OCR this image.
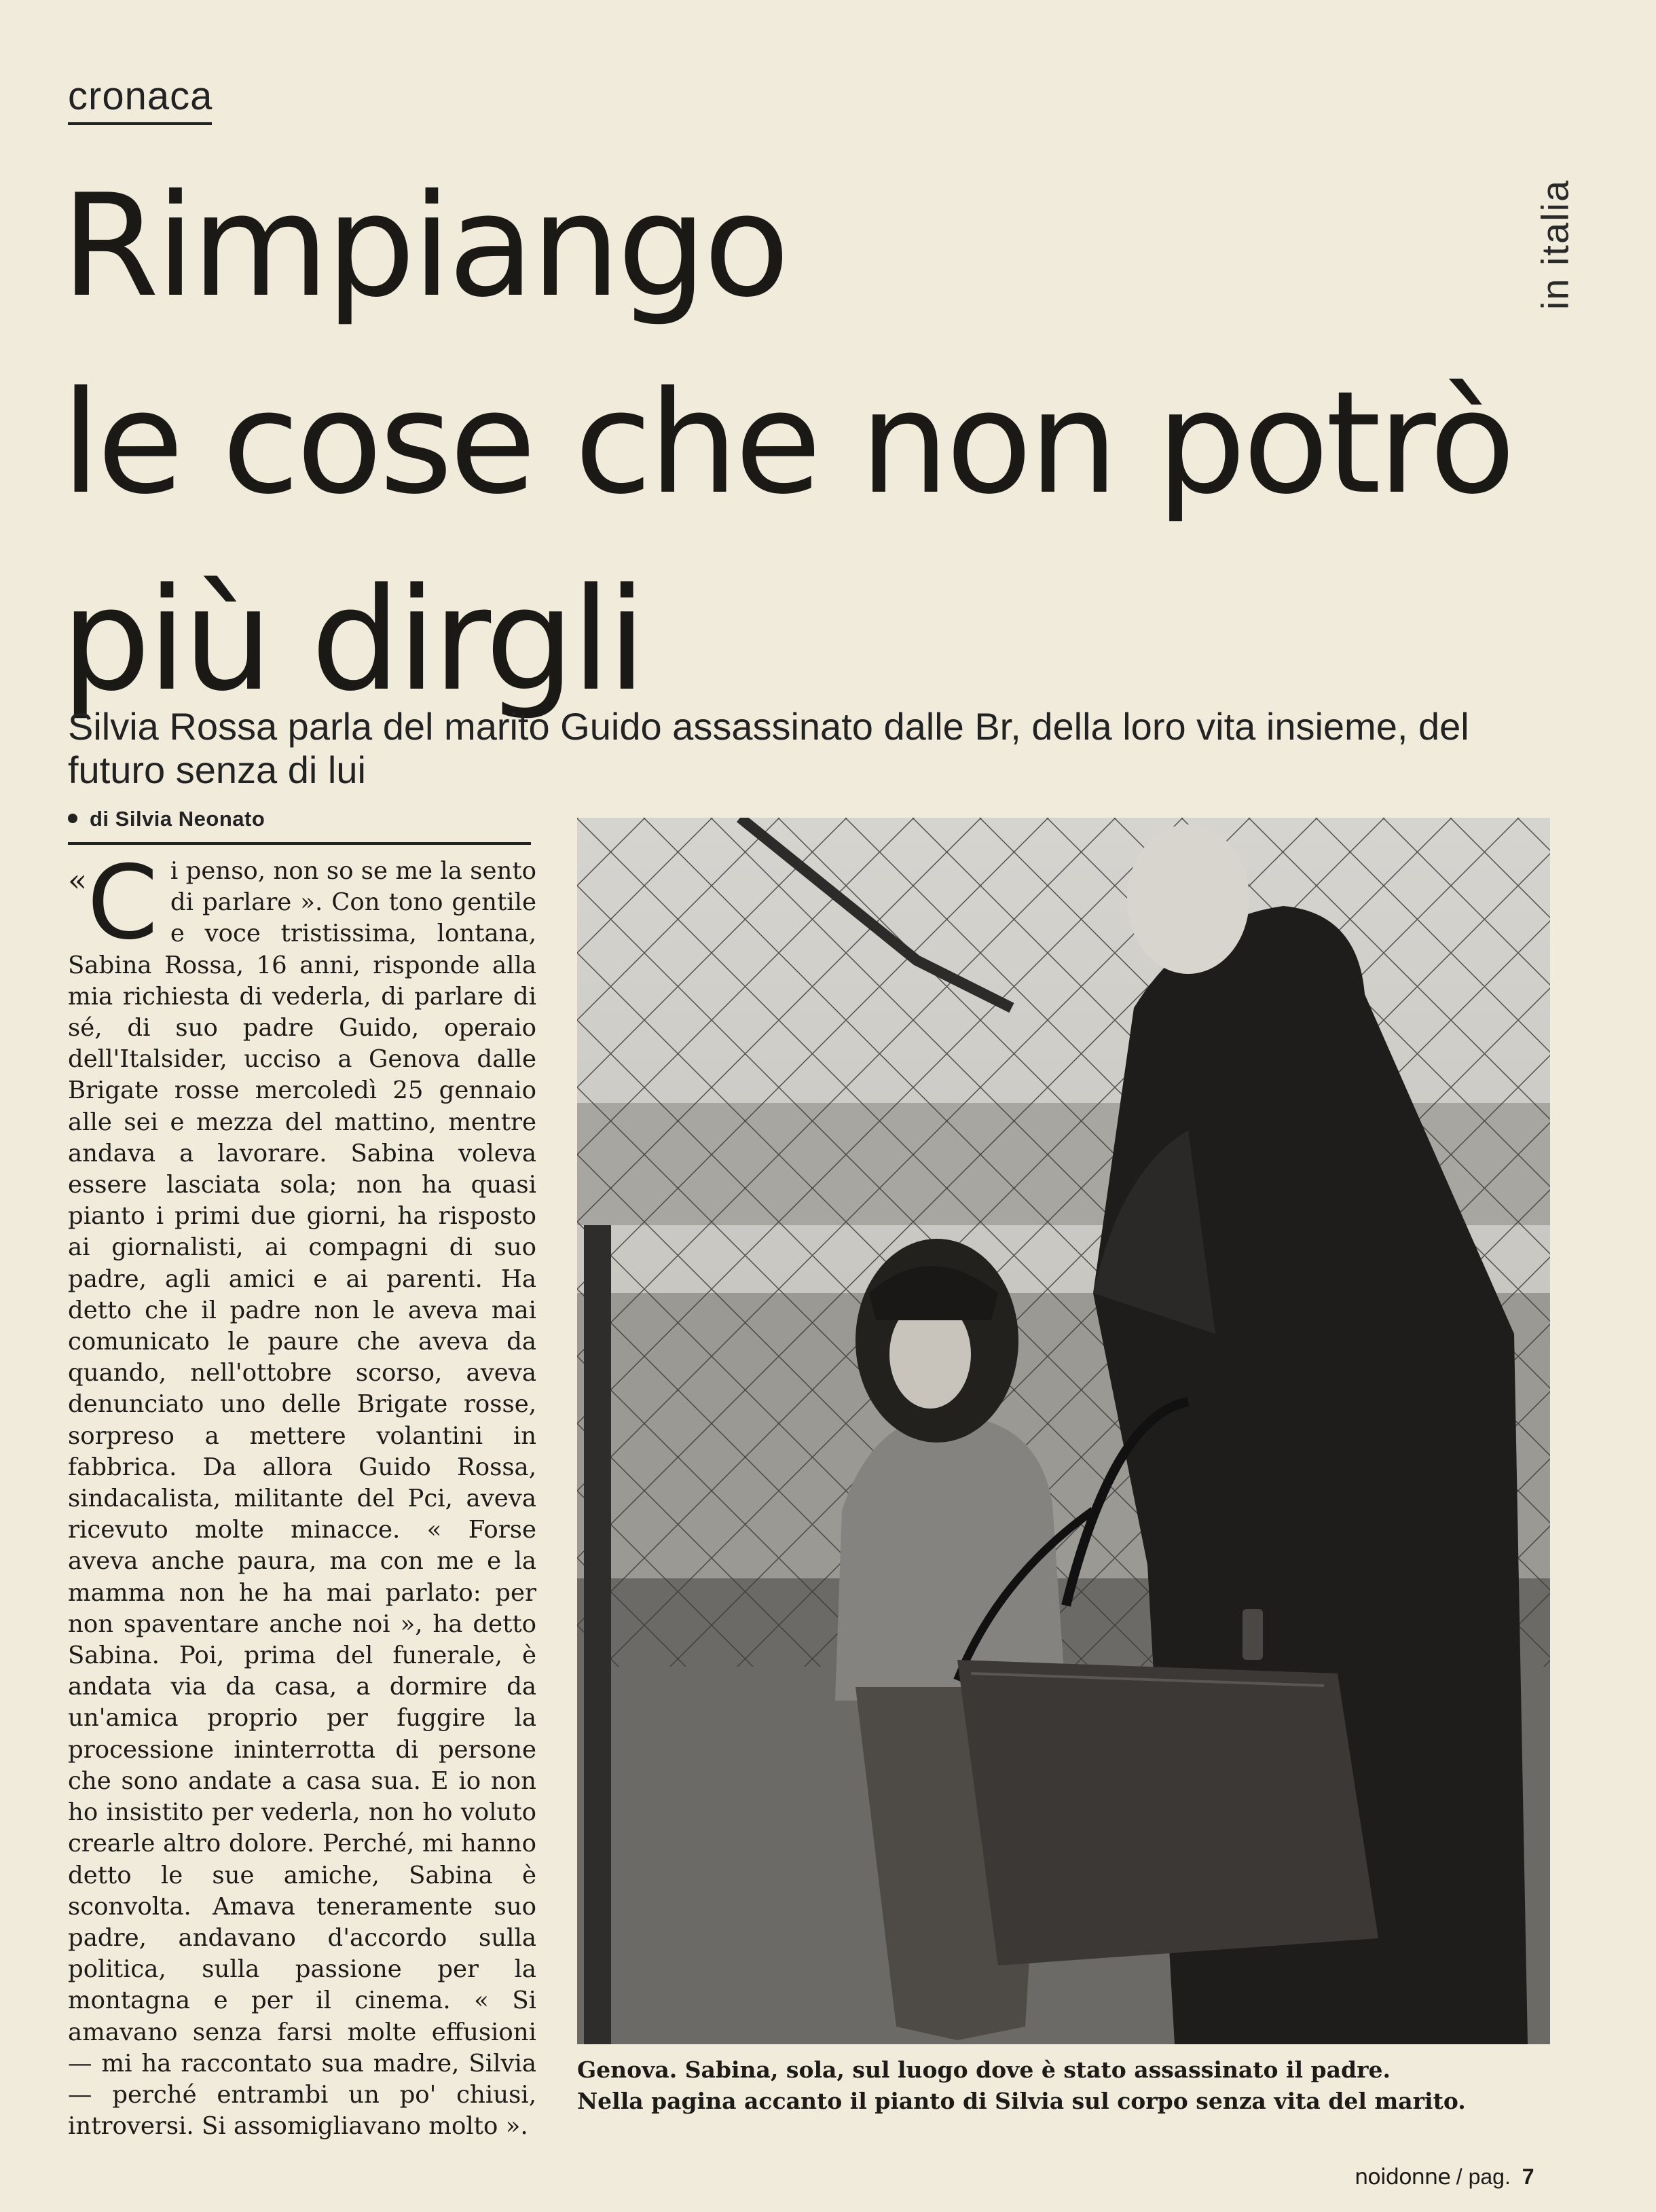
cronaca
Rimpiango
le cose che non potrò
più dirgli
in italia
Silvia Rossa parla del marito Guido assassinato dalle Br, della loro vita insieme, del futuro senza di lui
di Silvia Neonato
«C i penso, non so se me la sento di parlare ». Con tono gentile e voce tristissima, lontana, Sabina Rossa, 16 anni, risponde alla mia richiesta di vederla, di parlare di sé, di suo padre Guido, operaio dell'Italsider, ucciso a Genova dalle Brigate rosse mercoledì 25 gennaio alle sei e mezza del mattino, mentre andava a lavorare. Sabina voleva essere lasciata sola; non ha quasi pianto i primi due giorni, ha risposto ai giornalisti, ai compagni di suo padre, agli amici e ai parenti. Ha detto che il padre non le aveva mai comunicato le paure che aveva da quando, nell'ottobre scorso, aveva denunciato uno delle Brigate rosse, sorpreso a mettere volantini in fabbrica. Da allora Guido Rossa, sindacalista, militante del Pci, aveva ricevuto molte minacce. « Forse aveva anche paura, ma con me e la mamma non he ha mai parlato: per non spaventare anche noi », ha detto Sabina. Poi, prima del funerale, è andata via da casa, a dormire da un'amica proprio per fuggire la processione ininterrotta di persone che sono andate a casa sua. E io non ho insistito per vederla, non ho voluto crearle altro dolore. Perché, mi hanno detto le sue amiche, Sabina è sconvolta. Amava teneramente suo padre, andavano d'accordo sulla politica, sulla passione per la montagna e per il cinema. « Si amavano senza farsi molte effusioni — mi ha raccontato sua madre, Silvia — perché entrambi un po' chiusi, introversi. Si assomigliavano molto ».
Genova. Sabina, sola, sul luogo dove è stato assassinato il padre.
Nella pagina accanto il pianto di Silvia sul corpo senza vita del marito.
noidonne / pag. 7
